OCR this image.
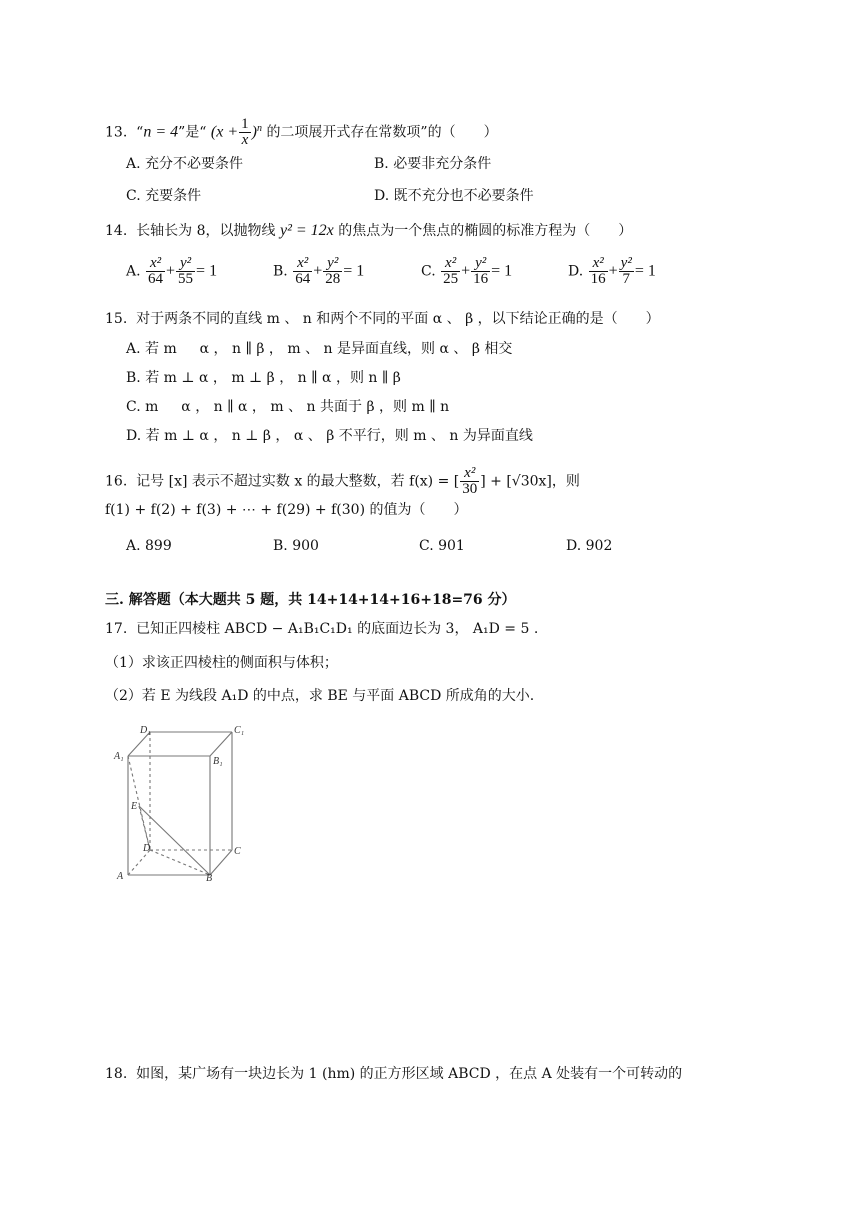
13. “n = 4”是“ $(x + \frac{1}{x} )^n$ 的二项展开式存在常数项”的（　　）
A. 充分不必要条件	B. 必要非充分条件
C. 充要条件	D. 既不充分也不必要条件
14. 长轴长为 8，以抛物线 y² = 12x 的焦点为一个焦点的椭圆的标准方程为（　　）
A. $\frac{\text{x²}}{64} + \frac{\text{y²}}{55} = 1$	B. $\frac{\text{x²}}{64} + \frac{\text{y²}}{28} = 1$	C. $\frac{\text{x²}}{25} + \frac{\text{y²}}{16} = 1$	D. $\frac{\text{x²}}{16} + \frac{\text{y²}}{7} = 1$
15. 对于两条不同的直线 m 、 n 和两个不同的平面 α 、 β ，以下结论正确的是（　　）
A. 若 m 　 α ， n ∥ β ， m 、 n 是异面直线，则 α 、 β 相交
B. 若 m ⊥ α ， m ⊥ β ， n ∥ α ，则 n ∥ β
C. m 　 α ， n ∥ α ， m 、 n 共面于 β ，则 m ∥ n
D. 若 m ⊥ α ， n ⊥ β ， α 、 β 不平行，则 m 、 n 为异面直线
16. 记号 [x] 表示不超过实数 x 的最大整数，若 f(x) = [ $\frac{\text{x²}}{30}$ ] + [√30x]，则
f(1) + f(2) + f(3) + ⋯ + f(29) + f(30) 的值为（　　）
A. 899	B. 900	C. 901	D. 902
三. 解答题（本大题共 5 题，共 14+14+14+16+18=76 分）
17. 已知正四棱柱 ABCD − A₁B₁C₁D₁ 的底面边长为 3， A₁D = 5 .
（1）求该正四棱柱的侧面积与体积；
（2）若 E 为线段 A₁D 的中点，求 BE 与平面 ABCD 所成角的大小.
D₁	C₁
A₁	B₁
E
D	C
A	B
18. 如图，某广场有一块边长为 1 (hm) 的正方形区域 ABCD ，在点 A 处装有一个可转动的
